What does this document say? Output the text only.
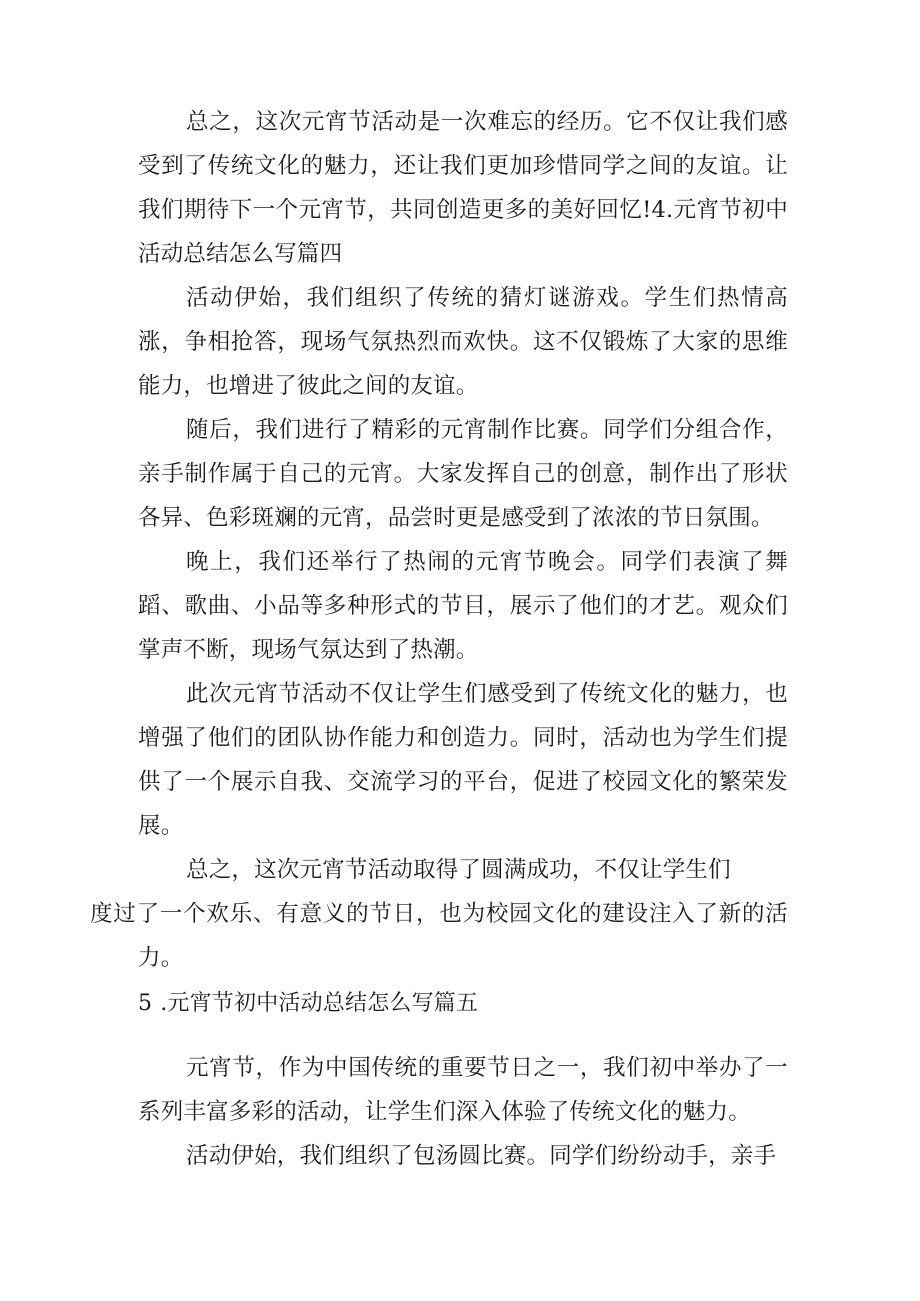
总之，这次元宵节活动是一次难忘的经历。它不仅让我们感受到了传统文化的魅力，还让我们更加珍惜同学之间的友谊。让我们期待下一个元宵节，共同创造更多的美好回忆!4.元宵节初中活动总结怎么写篇四

活动伊始，我们组织了传统的猜灯谜游戏。学生们热情高涨，争相抢答，现场气氛热烈而欢快。这不仅锻炼了大家的思维能力，也增进了彼此之间的友谊。

随后，我们进行了精彩的元宵制作比赛。同学们分组合作，亲手制作属于自己的元宵。大家发挥自己的创意，制作出了形状各异、色彩斑斓的元宵，品尝时更是感受到了浓浓的节日氛围。

晚上，我们还举行了热闹的元宵节晚会。同学们表演了舞蹈、歌曲、小品等多种形式的节目，展示了他们的才艺。观众们掌声不断，现场气氛达到了热潮。

此次元宵节活动不仅让学生们感受到了传统文化的魅力，也增强了他们的团队协作能力和创造力。同时，活动也为学生们提供了一个展示自我、交流学习的平台，促进了校园文化的繁荣发展。

总之，这次元宵节活动取得了圆满成功，不仅让学生们
度过了一个欢乐、有意义的节日，也为校园文化的建设注入了新的活力。

5 .元宵节初中活动总结怎么写篇五

元宵节，作为中国传统的重要节日之一，我们初中举办了一系列丰富多彩的活动，让学生们深入体验了传统文化的魅力。

活动伊始，我们组织了包汤圆比赛。同学们纷纷动手，亲手
